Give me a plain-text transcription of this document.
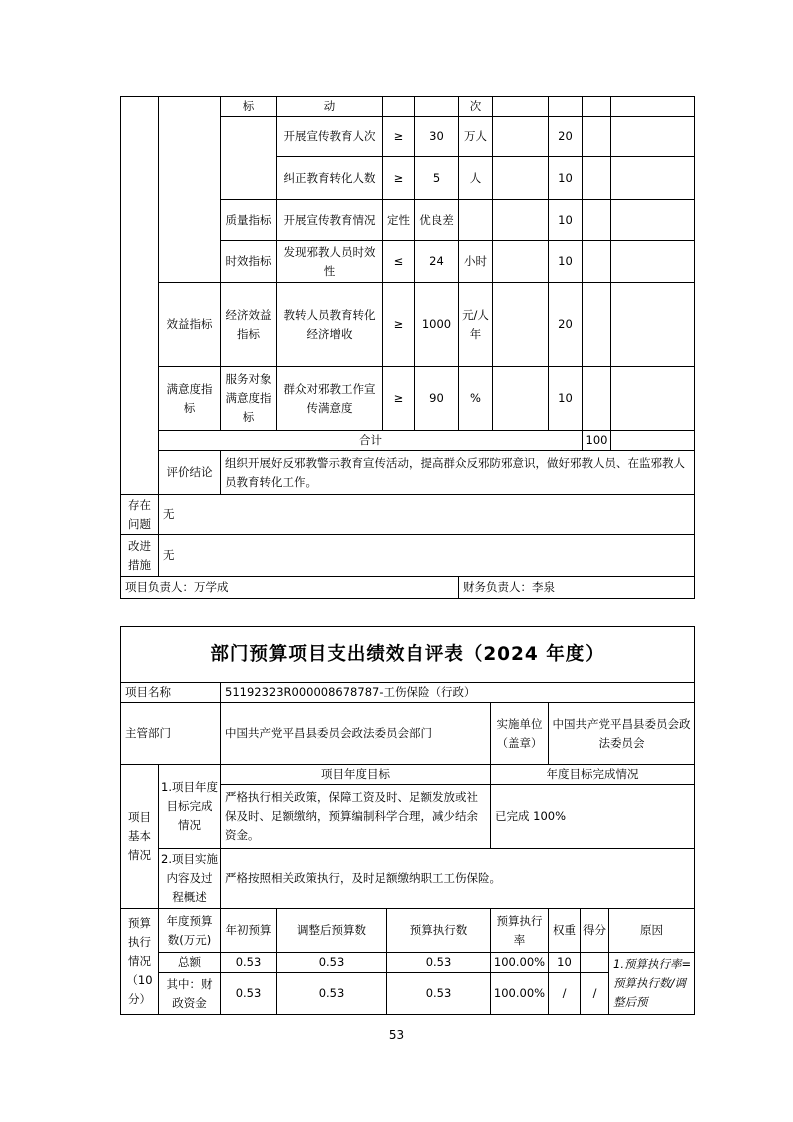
		标	动			次					
			开展宣传教育人次	≥	30	万人		20			
			纠正教育转化人数	≥	5	人		10			
		质量指标	开展宣传教育情况	定性	优良差			10			
		时效指标	发现邪教人员时效性	≤	24	小时		10			
	效益指标	经济效益指标	教转人员教育转化经济增收	≥	1000	元/人年		20			
	满意度指标	服务对象满意度指标	群众对邪教工作宣传满意度	≥	90	%		10			
	合计								100		
	评价结论	组织开展好反邪教警示教育宣传活动，提高群众反邪防邪意识，做好邪教人员、在监邪教人员教育转化工作。									
存在问题	无										
改进措施	无										
项目负责人：万学成						财务负责人：李泉					
部门预算项目支出绩效自评表（2024 年度）								
项目名称		51192323R000008678787-工伤保险（行政）						
主管部门		中国共产党平昌县委员会政法委员会部门			实施单位（盖章）	中国共产党平昌县委员会政法委员会		
项目基本情况	1.项目年度目标完成情况	项目年度目标			年度目标完成情况			
		严格执行相关政策，保障工资及时、足额发放或社保及时、足额缴纳，预算编制科学合理，减少结余资金。			已完成 100%			
	2.项目实施内容及过程概述	严格按照相关政策执行，及时足额缴纳职工工伤保险。						
预算执行情况（10分）	年度预算数(万元)	年初预算	调整后预算数	预算执行数	预算执行率	权重	得分	原因
	总额	0.53	0.53	0.53	100.00%	10		1.预算执行率=预算执行数/调整后预
	其中：财政资金	0.53	0.53	0.53	100.00%	/	/	
53
